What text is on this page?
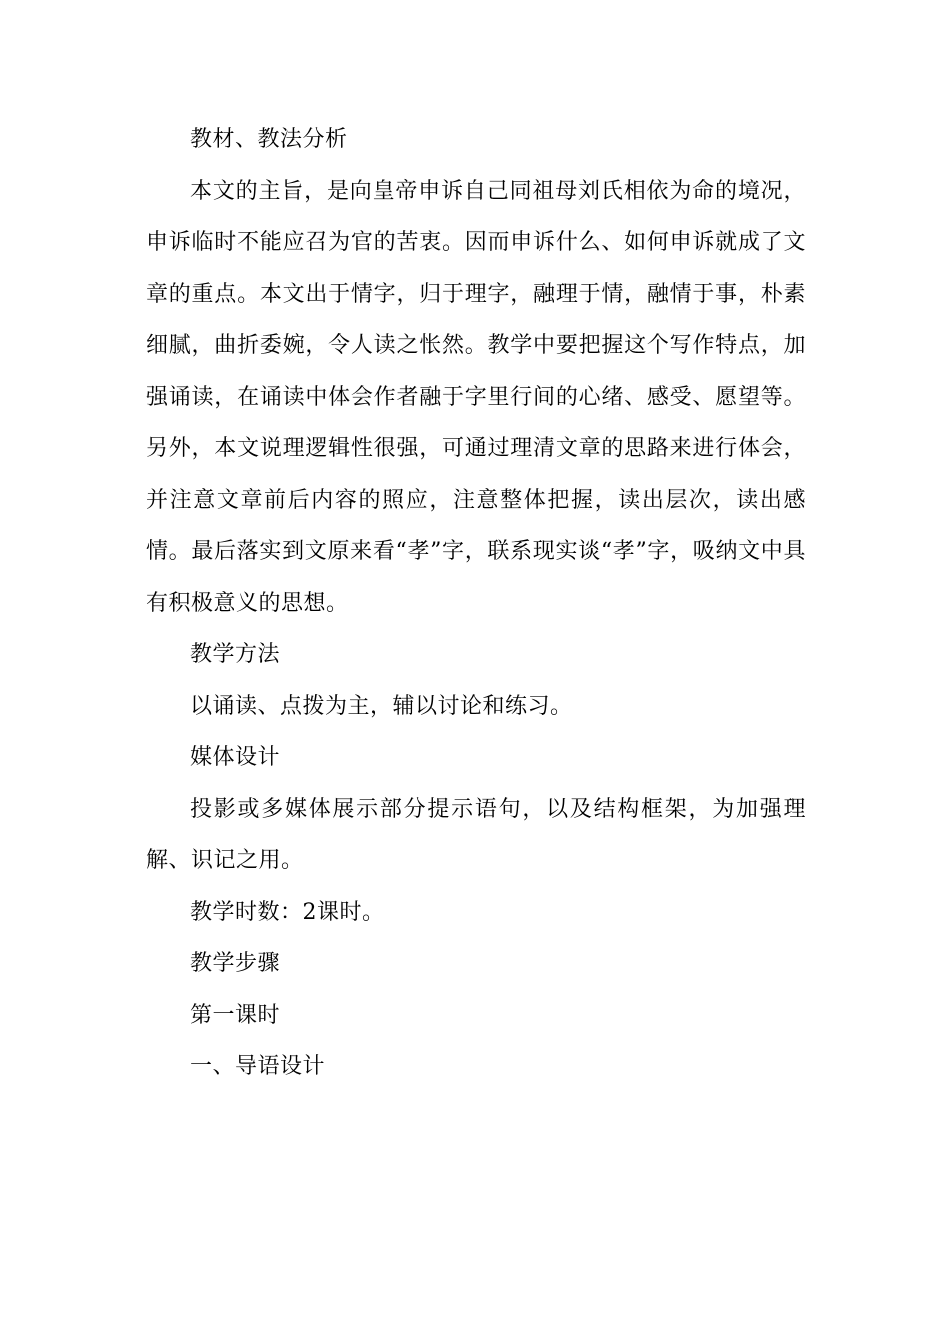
教材、教法分析

本文的主旨，是向皇帝申诉自己同祖母刘氏相依为命的境况，申诉临时不能应召为官的苦衷。因而申诉什么、如何申诉就成了文章的重点。本文出于情字，归于理字，融理于情，融情于事，朴素细腻，曲折委婉，令人读之怅然。教学中要把握这个写作特点，加强诵读，在诵读中体会作者融于字里行间的心绪、感受、愿望等。另外，本文说理逻辑性很强，可通过理清文章的思路来进行体会，并注意文章前后内容的照应，注意整体把握，读出层次，读出感情。最后落实到文原来看“孝”字，联系现实谈“孝”字，吸纳文中具有积极意义的思想。

教学方法

以诵读、点拨为主，辅以讨论和练习。

媒体设计

投影或多媒体展示部分提示语句，以及结构框架，为加强理解、识记之用。

教学时数：2课时。

教学步骤

第一课时

一、导语设计
